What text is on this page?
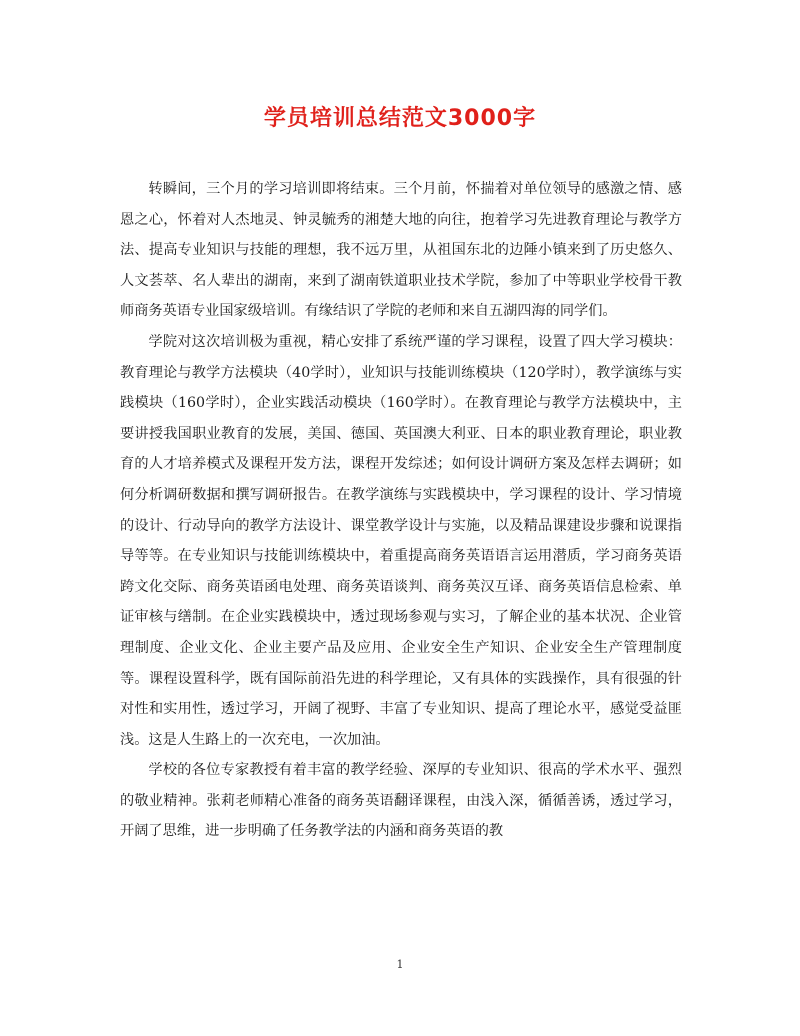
学员培训总结范文3000字

转瞬间，三个月的学习培训即将结束。三个月前，怀揣着对单位领导的感激之情、感恩之心，怀着对人杰地灵、钟灵毓秀的湘楚大地的向往，抱着学习先进教育理论与教学方法、提高专业知识与技能的理想，我不远万里，从祖国东北的边陲小镇来到了历史悠久、人文荟萃、名人辈出的湖南，来到了湖南铁道职业技术学院，参加了中等职业学校骨干教师商务英语专业国家级培训。有缘结识了学院的老师和来自五湖四海的同学们。

学院对这次培训极为重视，精心安排了系统严谨的学习课程，设置了四大学习模块：教育理论与教学方法模块（40学时），业知识与技能训练模块（120学时），教学演练与实践模块（160学时），企业实践活动模块（160学时）。在教育理论与教学方法模块中，主要讲授我国职业教育的发展，美国、德国、英国澳大利亚、日本的职业教育理论，职业教育的人才培养模式及课程开发方法，课程开发综述；如何设计调研方案及怎样去调研；如何分析调研数据和撰写调研报告。在教学演练与实践模块中，学习课程的设计、学习情境的设计、行动导向的教学方法设计、课堂教学设计与实施，以及精品课建设步骤和说课指导等等。在专业知识与技能训练模块中，着重提高商务英语语言运用潜质，学习商务英语跨文化交际、商务英语函电处理、商务英语谈判、商务英汉互译、商务英语信息检索、单证审核与缮制。在企业实践模块中，透过现场参观与实习，了解企业的基本状况、企业管理制度、企业文化、企业主要产品及应用、企业安全生产知识、企业安全生产管理制度等。课程设置科学，既有国际前沿先进的科学理论，又有具体的实践操作，具有很强的针对性和实用性，透过学习，开阔了视野、丰富了专业知识、提高了理论水平，感觉受益匪浅。这是人生路上的一次充电，一次加油。

学校的各位专家教授有着丰富的教学经验、深厚的专业知识、很高的学术水平、强烈的敬业精神。张莉老师精心准备的商务英语翻译课程，由浅入深，循循善诱，透过学习，开阔了思维，进一步明确了任务教学法的内涵和商务英语的教

1
